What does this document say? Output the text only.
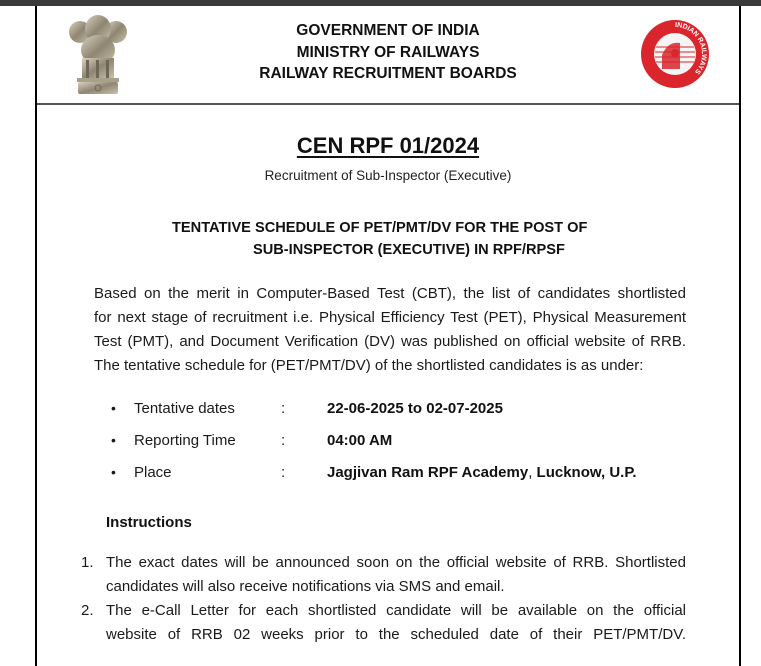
GOVERNMENT OF INDIA
MINISTRY OF RAILWAYS
RAILWAY RECRUITMENT BOARDS
INDIAN RAILWAYS
CEN RPF 01/2024
Recruitment of Sub-Inspector (Executive)
TENTATIVE SCHEDULE OF PET/PMT/DV FOR THE POST OF
SUB-INSPECTOR (EXECUTIVE) IN RPF/RPSF
Based on the merit in Computer-Based Test (CBT), the list of candidates shortlisted
for next stage of recruitment i.e. Physical Efficiency Test (PET), Physical Measurement
Test (PMT), and Document Verification (DV) was published on official website of RRB.
The tentative schedule for (PET/PMT/DV) of the shortlisted candidates is as under:
• Tentative dates	:	22-06-2025 to 02-07-2025
• Reporting Time	:	04:00 AM
• Place	:	Jagjivan Ram RPF Academy, Lucknow, U.P.
Instructions
1. The exact dates will be announced soon on the official website of RRB. Shortlisted
candidates will also receive notifications via SMS and email.
2. The e-Call Letter for each shortlisted candidate will be available on the official
website of RRB 02 weeks prior to the scheduled date of their PET/PMT/DV.
